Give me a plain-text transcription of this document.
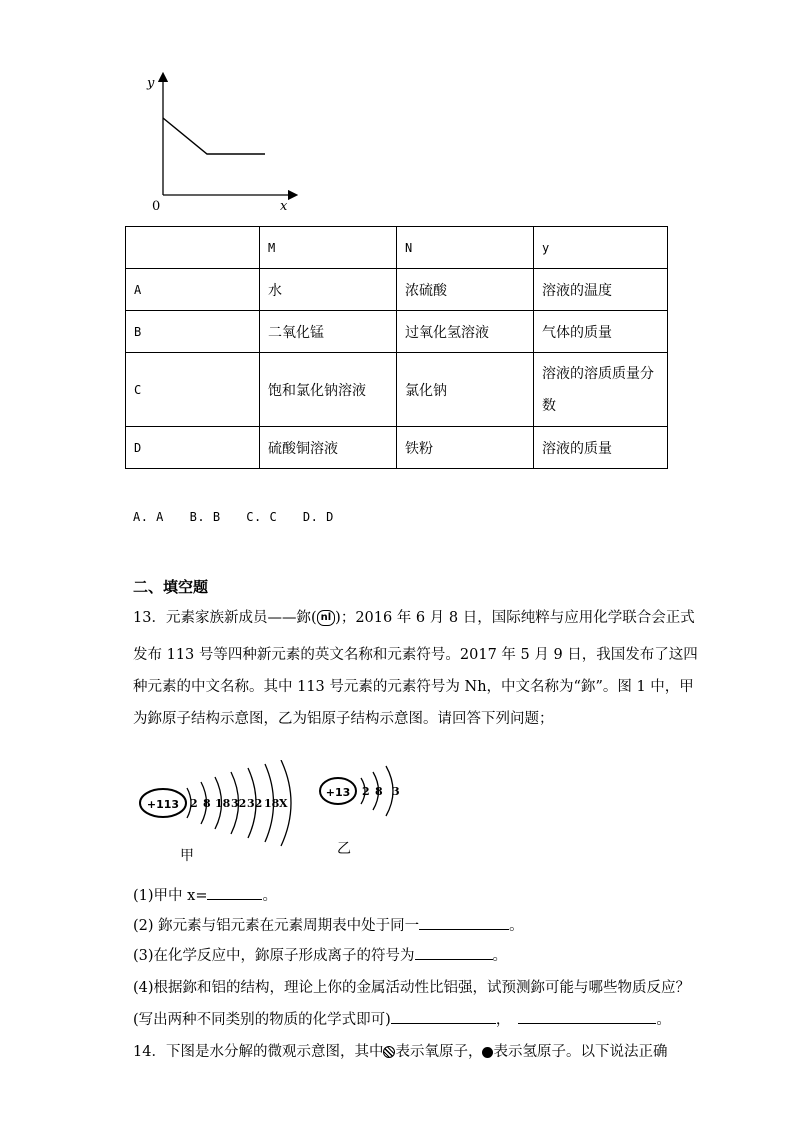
y
x
0
	M	N	y
A	水	浓硫酸	溶液的温度
B	二氧化锰	过氧化氢溶液	气体的质量
C	饱和氯化钠溶液	氯化钠	溶液的溶质质量分
数
D	硫酸铜溶液	铁粉	溶液的质量
A. A B. B C. C D. D
二、填空题
13．元素家族新成员——鉨( nl )；2016 年 6 月 8 日，国际纯粹与应用化学联合会正式
发布 113 号等四种新元素的英文名称和元素符号。2017 年 5 月 9 日，我国发布了这四
种元素的中文名称。其中 113 号元素的元素符号为 Nh，中文名称为“鉨”。图 1 中，甲
为鉨原子结构示意图，乙为铝原子结构示意图。请回答下列问题；
+113 2 8 18 32 32 18 X
甲
+13 2 8 3
乙
(1)甲中 x=	。
(2) 鉨元素与铝元素在元素周期表中处于同一	。
(3)在化学反应中，鉨原子形成离子的符号为	。
(4)根据鉨和铝的结构，理论上你的金属活动性比铝强，试预测鉨可能与哪些物质反应？
(写出两种不同类别的物质的化学式即可)	，	。
14．下图是水分解的微观示意图，其中 表示氧原子， 表示氢原子。以下说法正确
